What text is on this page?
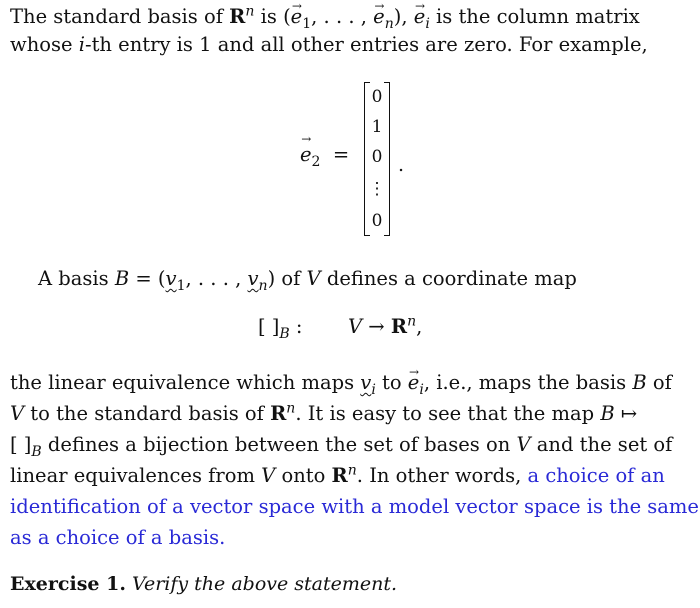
The standard basis of $R^n$ is (→ $e_1$, . . . , → $e_n$), → $e_i$ is the column matrix
whose i-th entry is 1 and all other entries are zero. For example,
→ $e_2$ =
0
1
0
⋮
0
.
A basis $B = (v_1$, . . . , $v_n$) of V defines a coordinate map
[ ]$_B$ : $V \to R^n$,
the linear equivalence which maps $v_i$ to → $e_i$, i.e., maps the basis B of
V to the standard basis of $R^n$. It is easy to see that the map B ↦
[ ]$_B$ defines a bijection between the set of bases on V and the set of
linear equivalences from V onto $R^n$. In other words, a choice of an
identification of a vector space with a model vector space is the same
as a choice of a basis.
Exercise 1. Verify the above statement.
